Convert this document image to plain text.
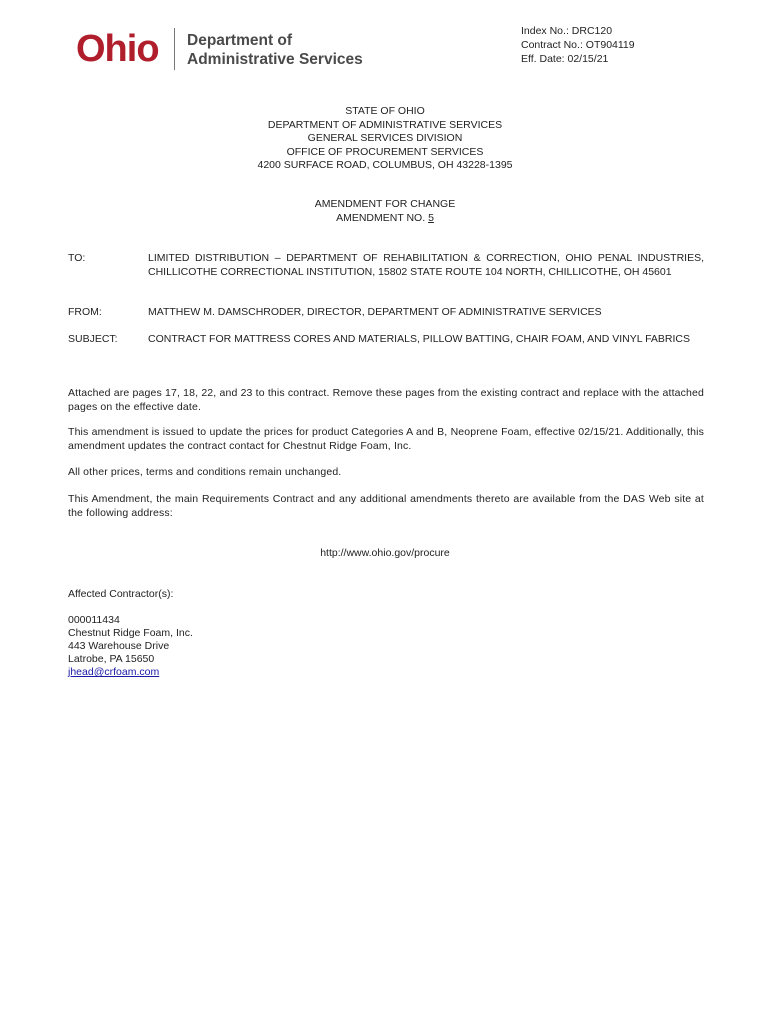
Ohio Department of
Administrative Services
Index No.: DRC120
Contract No.: OT904119
Eff. Date: 02/15/21
STATE OF OHIO
DEPARTMENT OF ADMINISTRATIVE SERVICES
GENERAL SERVICES DIVISION
OFFICE OF PROCUREMENT SERVICES
4200 SURFACE ROAD, COLUMBUS, OH 43228-1395
AMENDMENT FOR CHANGE
AMENDMENT NO. 5
TO:	LIMITED DISTRIBUTION – DEPARTMENT OF REHABILITATION & CORRECTION, OHIO PENAL INDUSTRIES, CHILLICOTHE CORRECTIONAL INSTITUTION, 15802 STATE ROUTE 104 NORTH, CHILLICOTHE, OH 45601
FROM:	MATTHEW M. DAMSCHRODER, DIRECTOR, DEPARTMENT OF ADMINISTRATIVE SERVICES
SUBJECT:	CONTRACT FOR MATTRESS CORES AND MATERIALS, PILLOW BATTING, CHAIR FOAM, AND VINYL FABRICS
Attached are pages 17, 18, 22, and 23 to this contract. Remove these pages from the existing contract and replace with the attached pages on the effective date.
This amendment is issued to update the prices for product Categories A and B, Neoprene Foam, effective 02/15/21. Additionally, this amendment updates the contract contact for Chestnut Ridge Foam, Inc.
All other prices, terms and conditions remain unchanged.
This Amendment, the main Requirements Contract and any additional amendments thereto are available from the DAS Web site at the following address:
http://www.ohio.gov/procure
Affected Contractor(s):
000011434
Chestnut Ridge Foam, Inc.
443 Warehouse Drive
Latrobe, PA 15650
jhead@crfoam.com
